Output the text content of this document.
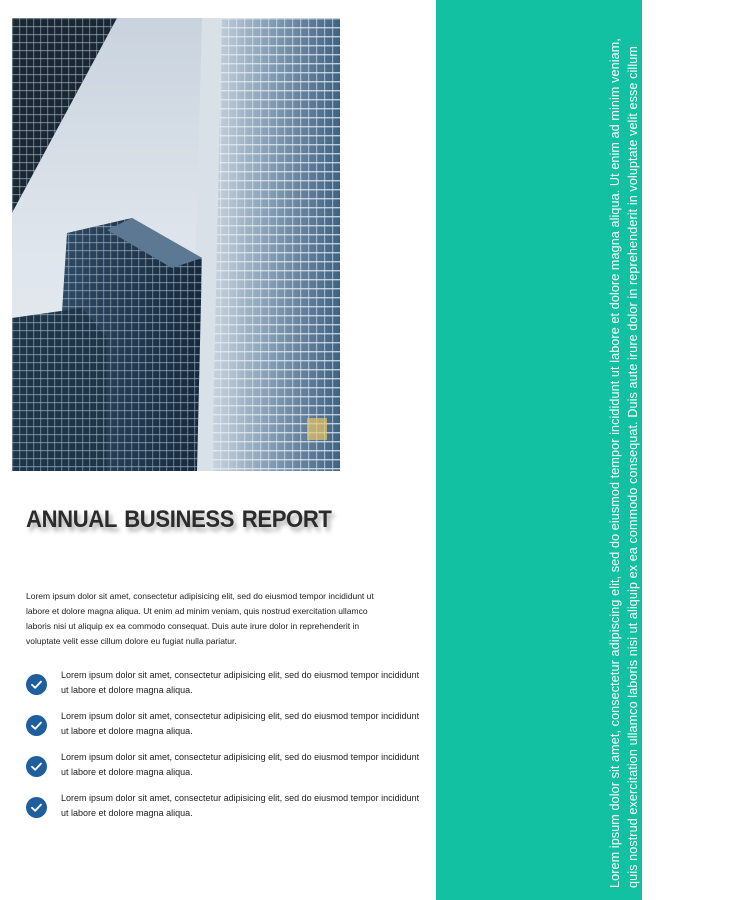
ANNUAL BUSINESS REPORT

Lorem ipsum dolor sit amet, consectetur adipisicing elit, sed do eiusmod tempor incididunt ut labore et dolore magna aliqua. Ut enim ad minim veniam, quis nostrud exercitation ullamco laboris nisi ut aliquip ex ea commodo consequat. Duis aute irure dolor in reprehenderit in voluptate velit esse cillum dolore eu fugiat nulla pariatur.

Lorem ipsum dolor sit amet, consectetur adipisicing elit, sed do eiusmod tempor incididunt ut labore et dolore magna aliqua.
Lorem ipsum dolor sit amet, consectetur adipisicing elit, sed do eiusmod tempor incididunt ut labore et dolore magna aliqua.
Lorem ipsum dolor sit amet, consectetur adipisicing elit, sed do eiusmod tempor incididunt ut labore et dolore magna aliqua.
Lorem ipsum dolor sit amet, consectetur adipisicing elit, sed do eiusmod tempor incididunt ut labore et dolore magna aliqua.	Lorem ipsum dolor sit amet, consectetur adipiscing elit, sed do eiusmod tempor incididunt ut labore et dolore magna aliqua. Ut enim ad minim veniam, quis nostrud exercitation ullamco laboris nisi ut aliquip ex ea commodo consequat. Duis aute irure dolor in reprehenderit in voluptate velit esse cillum dolore eu fugiat nulla pariatur. Excepteur sint occaecat cupidatat non proident, sunt in culpa qui officia deserunt mollit anim id est laborum.Sed ut perspiciatis unde omnis iste natus error sit voluptatem accusantium doloremque laudantium, totam rem aperiam, eaque ipsa quae ab illo inventore veritatis et quasi architecto beatae vitae dicta sunt explicabo. Nemo enim ipsam voluptatem quia voluptas sit aspernatur aut odit aut fugit, sed quia consequuntur magni dolores eos qui ratione voluptatem sequi nesciunt. Neque porro quisquam est, qui dolorem i psum quia dolor sit amet, consectetur, adipisci velit, sed quia non numquam eius modi tempora incidunt ut labore et dolore magnam aliquam quaerat voluptatem.
